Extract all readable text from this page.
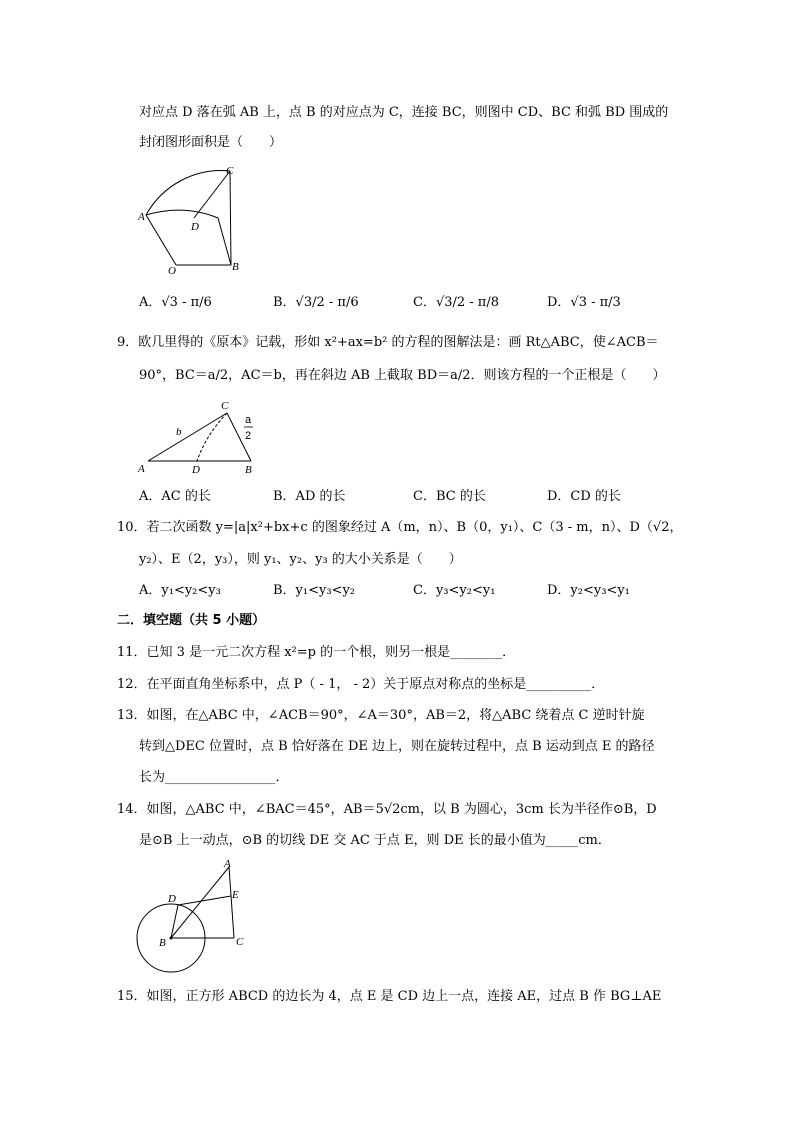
对应点 D 落在弧 AB 上，点 B 的对应点为 C，连接 BC，则图中 CD、BC 和弧 BD 围成的
封闭图形面积是（　　）
C
A
D
O	B
A．√3 - π/6	B．√3/2 - π/6	C．√3/2 - π/8	D．√3 - π/3
9．欧几里得的《原本》记载，形如 x²+ax=b² 的方程的图解法是：画 Rt△ABC，使∠ACB＝
90°，BC＝a/2，AC＝b，再在斜边 AB 上截取 BD＝a/2．则该方程的一个正根是（　　）
C
b
a
2
A	D	B
A．AC 的长	B．AD 的长	C．BC 的长	D．CD 的长
10．若二次函数 y=|a|x²+bx+c 的图象经过 A（m，n）、B（0，y₁）、C（3 - m，n）、D（√2，
y₂）、E（2，y₃），则 y₁、y₂、y₃ 的大小关系是（　　）
A．y₁<y₂<y₃	B．y₁<y₃<y₂	C．y₃<y₂<y₁	D．y₂<y₃<y₁
二．填空题（共 5 小题）
11．已知 3 是一元二次方程 x²=p 的一个根，则另一根是________．
12．在平面直角坐标系中，点 P（ - 1， - 2）关于原点对称点的坐标是__________．
13．如图，在△ABC 中，∠ACB＝90°，∠A＝30°，AB＝2，将△ABC 绕着点 C 逆时针旋
转到△DEC 位置时，点 B 恰好落在 DE 边上，则在旋转过程中，点 B 运动到点 E 的路径
长为_________________．
14．如图，△ABC 中，∠BAC＝45°，AB＝5√2cm，以 B 为圆心，3cm 长为半径作⊙B，D
是⊙B 上一动点，⊙B 的切线 DE 交 AC 于点 E，则 DE 长的最小值为_____cm．
A
D	E
B	C
15．如图，正方形 ABCD 的边长为 4，点 E 是 CD 边上一点，连接 AE，过点 B 作 BG⊥AE
